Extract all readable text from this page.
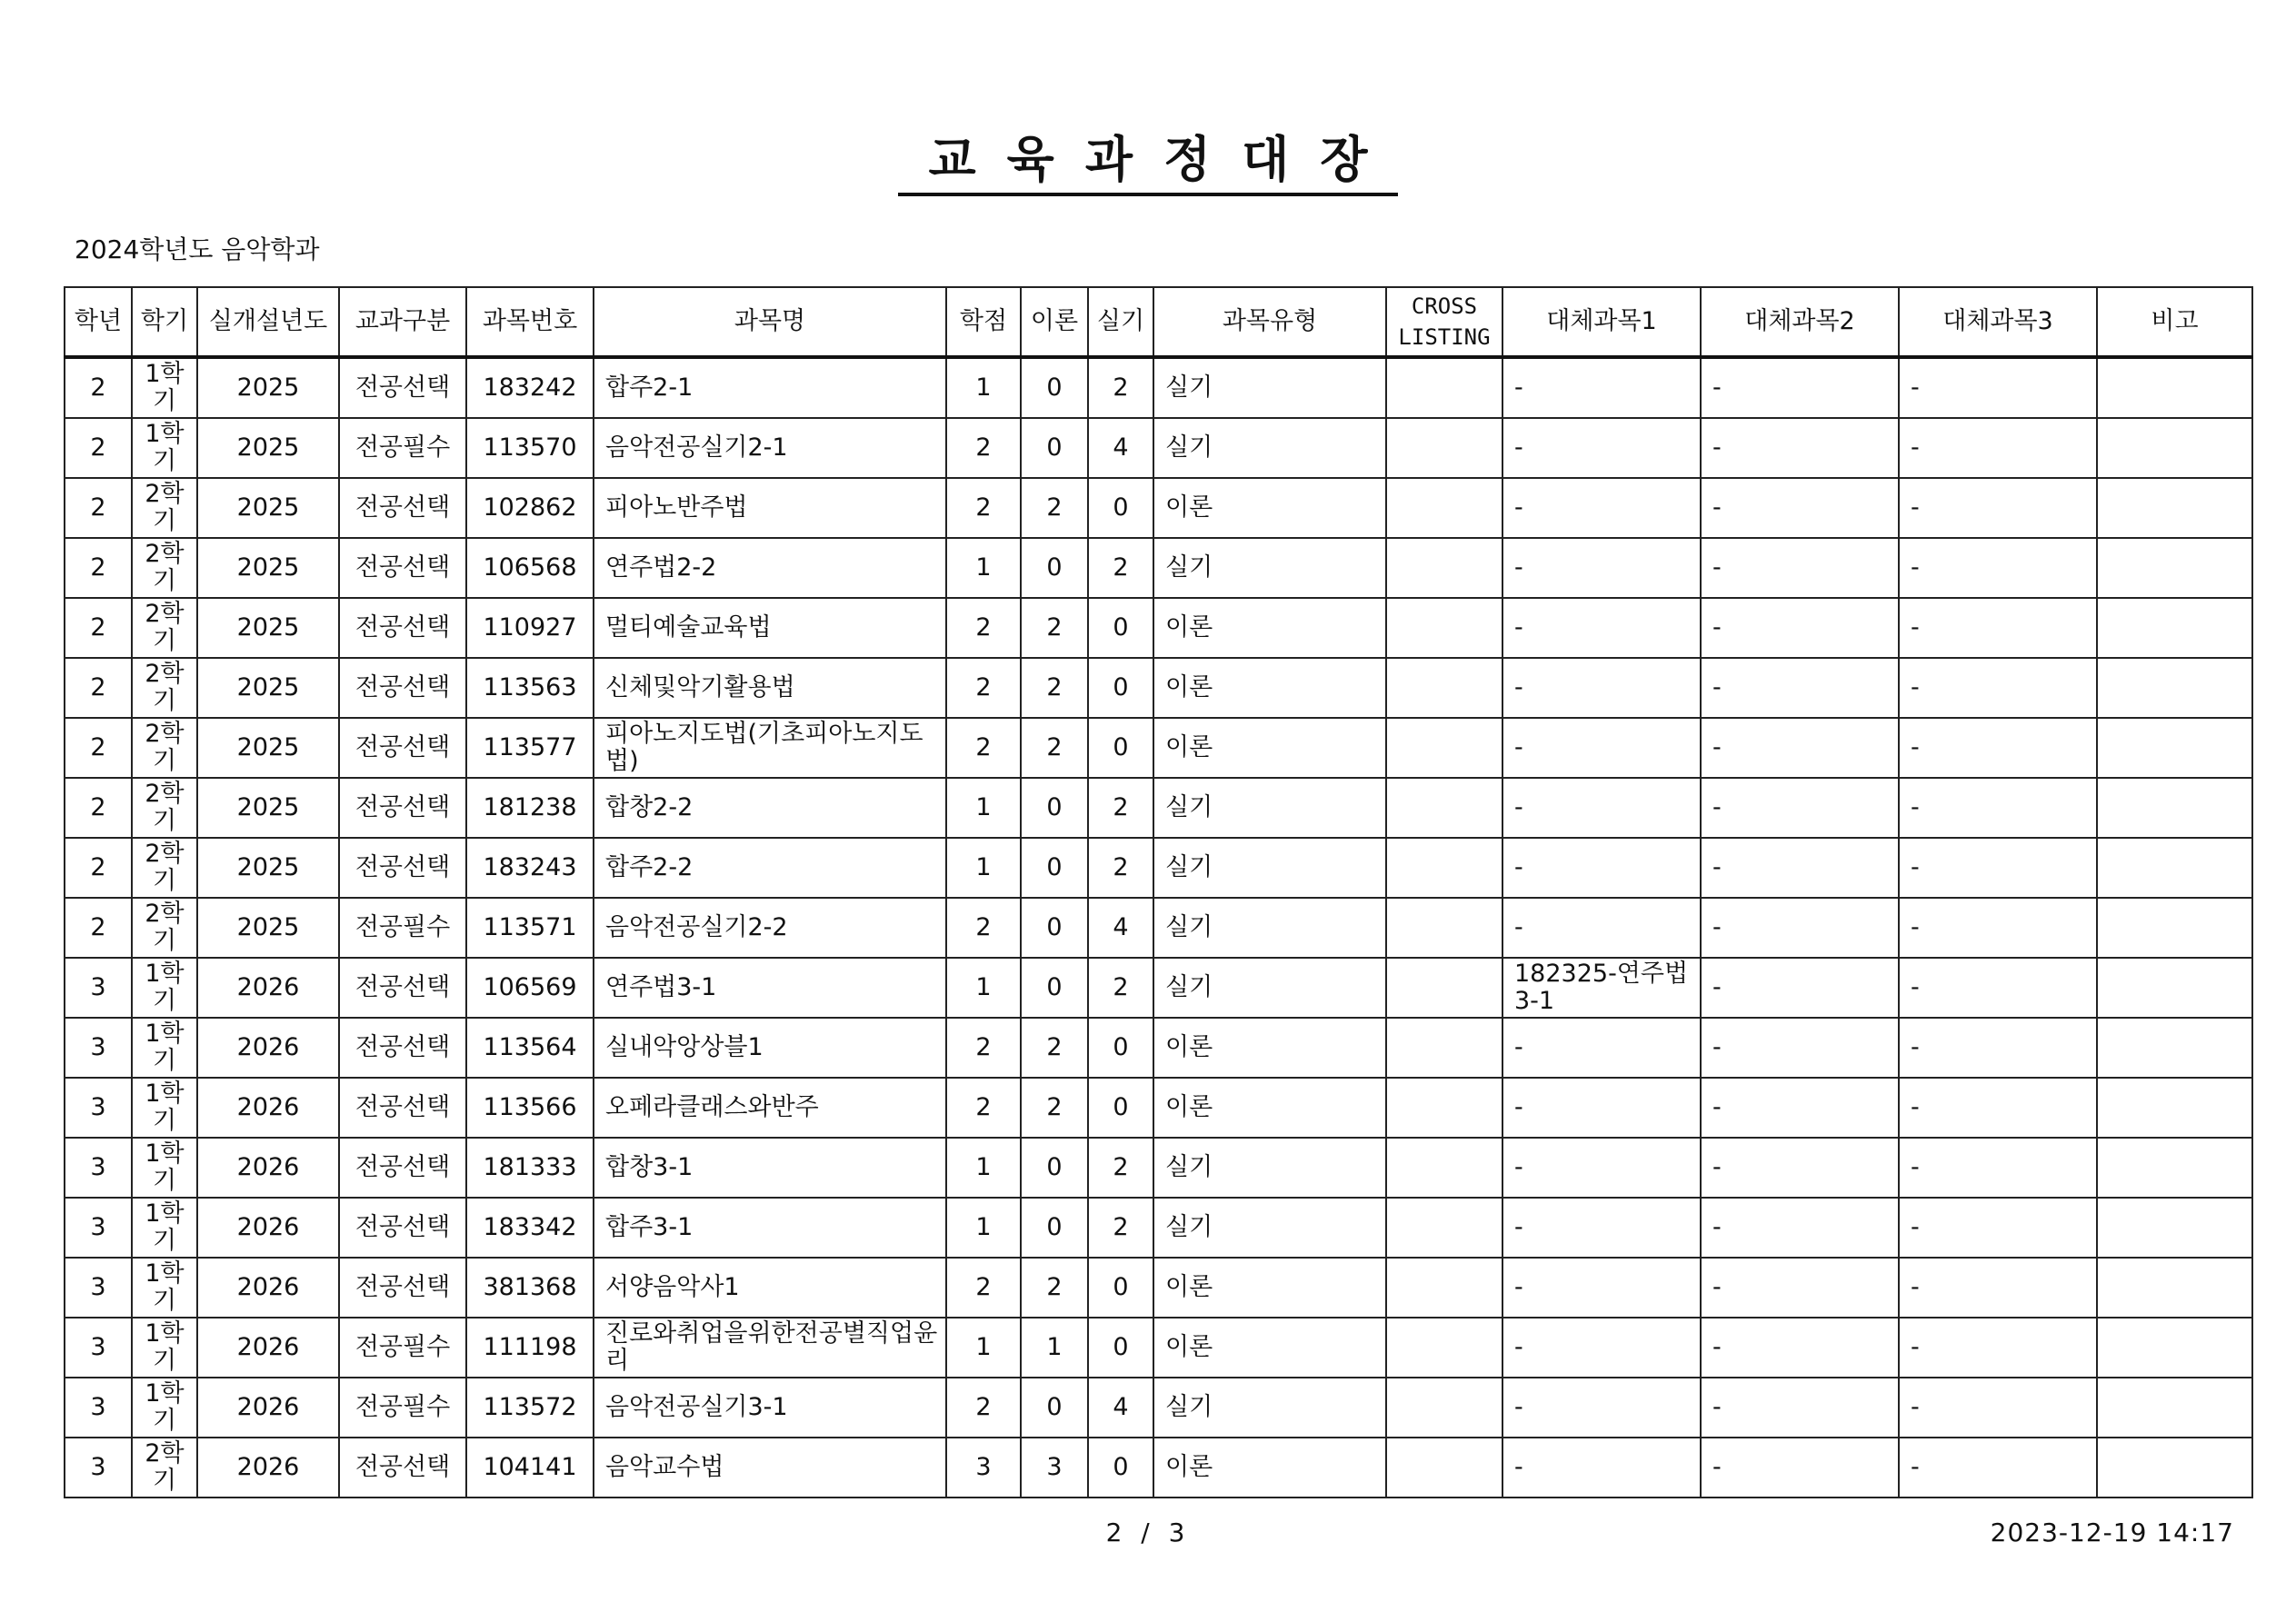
교육과정대장
2024학년도 음악학과
학년	학기	실개설년도	교과구분	과목번호	과목명	학점	이론	실기	과목유형	CROSS LISTING	대체과목1	대체과목2	대체과목3	비고
2	1학기	2025	전공선택	183242	합주2-1	1	0	2	실기		-	-	-	
2	1학기	2025	전공필수	113570	음악전공실기2-1	2	0	4	실기		-	-	-	
2	2학기	2025	전공선택	102862	피아노반주법	2	2	0	이론		-	-	-	
2	2학기	2025	전공선택	106568	연주법2-2	1	0	2	실기		-	-	-	
2	2학기	2025	전공선택	110927	멀티예술교육법	2	2	0	이론		-	-	-	
2	2학기	2025	전공선택	113563	신체및악기활용법	2	2	0	이론		-	-	-	
2	2학기	2025	전공선택	113577	피아노지도법(기초피아노지도법)	2	2	0	이론		-	-	-	
2	2학기	2025	전공선택	181238	합창2-2	1	0	2	실기		-	-	-	
2	2학기	2025	전공선택	183243	합주2-2	1	0	2	실기		-	-	-	
2	2학기	2025	전공필수	113571	음악전공실기2-2	2	0	4	실기		-	-	-	
3	1학기	2026	전공선택	106569	연주법3-1	1	0	2	실기		182325-연주법3-1	-	-	
3	1학기	2026	전공선택	113564	실내악앙상블1	2	2	0	이론		-	-	-	
3	1학기	2026	전공선택	113566	오페라클래스와반주	2	2	0	이론		-	-	-	
3	1학기	2026	전공선택	181333	합창3-1	1	0	2	실기		-	-	-	
3	1학기	2026	전공선택	183342	합주3-1	1	0	2	실기		-	-	-	
3	1학기	2026	전공선택	381368	서양음악사1	2	2	0	이론		-	-	-	
3	1학기	2026	전공필수	111198	진로와취업을위한전공별직업윤리	1	1	0	이론		-	-	-	
3	1학기	2026	전공필수	113572	음악전공실기3-1	2	0	4	실기		-	-	-	
3	2학기	2026	전공선택	104141	음악교수법	3	3	0	이론		-	-	-	
2 / 3	2023-12-19 14:17
